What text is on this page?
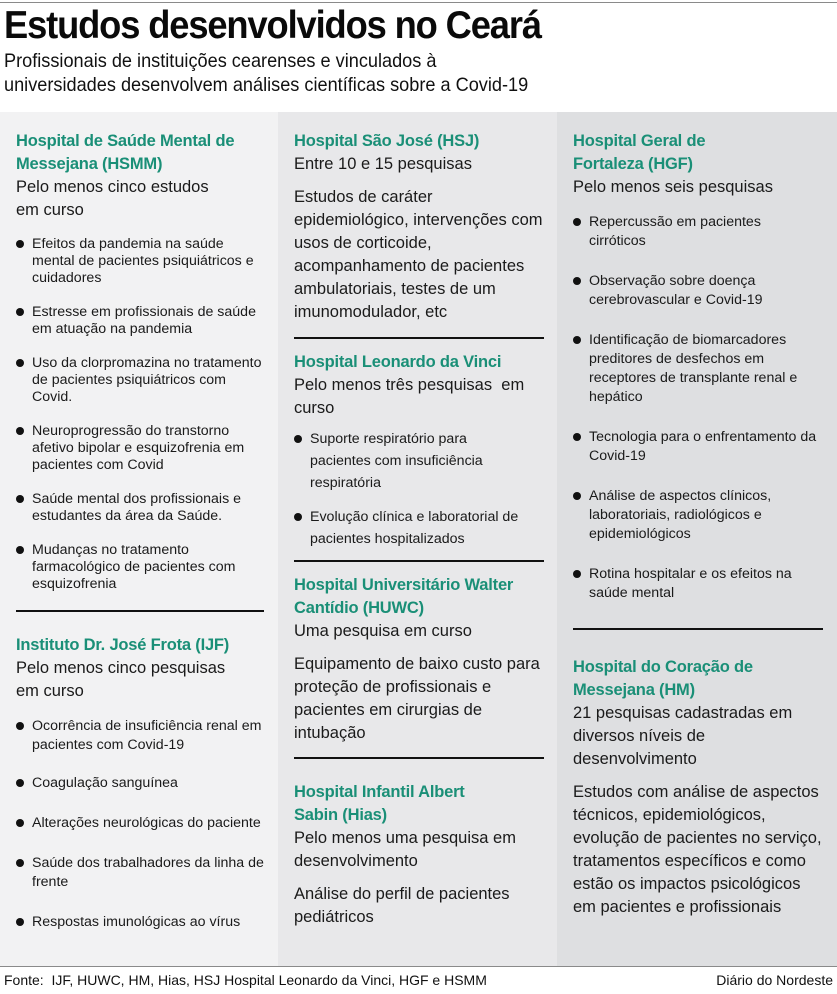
Estudos desenvolvidos no Ceará
Profissionais de instituições cearenses e vinculados à
universidades desenvolvem análises científicas sobre a Covid-19
Hospital de Saúde Mental de Messejana (HSMM)
Pelo menos cinco estudos em curso
Efeitos da pandemia na saúde mental de pacientes psiquiátricos e cuidadores
Estresse em profissionais de saúde em atuação na pandemia
Uso da clorpromazina no tratamento de pacientes psiquiátricos com Covid.
Neuroprogressão do transtorno afetivo bipolar e esquizofrenia em pacientes com Covid
Saúde mental dos profissionais e estudantes da área da Saúde.
Mudanças no tratamento farmacológico de pacientes com esquizofrenia
Instituto Dr. José Frota (IJF)
Pelo menos cinco pesquisas em curso
Ocorrência de insuficiência renal em pacientes com Covid-19
Coagulação sanguínea
Alterações neurológicas do paciente
Saúde dos trabalhadores da linha de frente
Respostas imunológicas ao vírus
Hospital São José (HSJ)
Entre 10 e 15 pesquisas

Estudos de caráter epidemiológico, intervenções com usos de corticoide, acompanhamento de pacientes ambulatoriais, testes de um imunomodulador, etc

Hospital Leonardo da Vinci
Pelo menos três pesquisas  em curso
Suporte respiratório para pacientes com insuficiência respiratória
Evolução clínica e laboratorial de pacientes hospitalizados
Hospital Universitário Walter Cantídio (HUWC)
Uma pesquisa em curso

Equipamento de baixo custo para proteção de profissionais e pacientes em cirurgias de intubação

Hospital Infantil Albert Sabin (Hias)
Pelo menos uma pesquisa em desenvolvimento

Análise do perfil de pacientes pediátricos

Hospital Geral de Fortaleza (HGF)
Pelo menos seis pesquisas
Repercussão em pacientes cirróticos
Observação sobre doença cerebrovascular e Covid-19
Identificação de biomarcadores preditores de desfechos em receptores de transplante renal e hepático
Tecnologia para o enfrentamento da Covid-19
Análise de aspectos clínicos, laboratoriais, radiológicos e epidemiológicos
Rotina hospitalar e os efeitos na saúde mental
Hospital do Coração de Messejana (HM)
21 pesquisas cadastradas em diversos níveis de desenvolvimento

Estudos com análise de aspectos técnicos, epidemiológicos, evolução de pacientes no serviço, tratamentos específicos e como estão os impactos psicológicos em pacientes e profissionais

Fonte:  IJF, HUWC, HM, Hias, HSJ Hospital Leonardo da Vinci, HGF e HSMM	Diário do Nordeste
